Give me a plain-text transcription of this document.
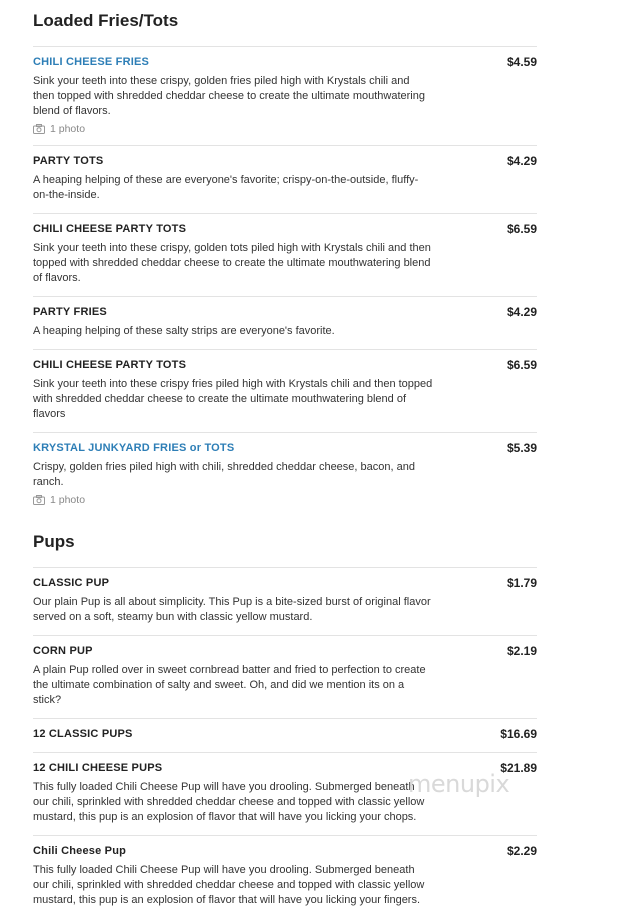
Loaded Fries/Tots
CHILI CHEESE FRIES	$4.59
Sink your teeth into these crispy, golden fries piled high with Krystals chili and then topped with shredded cheddar cheese to create the ultimate mouthwatering blend of flavors.
1 photo
PARTY TOTS	$4.29
A heaping helping of these are everyone's favorite; crispy-on-the-outside, fluffy-on-the-inside.
CHILI CHEESE PARTY TOTS	$6.59
Sink your teeth into these crispy, golden tots piled high with Krystals chili and then topped with shredded cheddar cheese to create the ultimate mouthwatering blend of flavors.
PARTY FRIES	$4.29
A heaping helping of these salty strips are everyone's favorite.
CHILI CHEESE PARTY TOTS	$6.59
Sink your teeth into these crispy fries piled high with Krystals chili and then topped with shredded cheddar cheese to create the ultimate mouthwatering blend of flavors
KRYSTAL JUNKYARD FRIES or TOTS	$5.39
Crispy, golden fries piled high with chili, shredded cheddar cheese, bacon, and ranch.
1 photo
Pups
CLASSIC PUP	$1.79
Our plain Pup is all about simplicity. This Pup is a bite-sized burst of original flavor served on a soft, steamy bun with classic yellow mustard.
CORN PUP	$2.19
A plain Pup rolled over in sweet cornbread batter and fried to perfection to create the ultimate combination of salty and sweet. Oh, and did we mention its on a stick?
12 CLASSIC PUPS	$16.69
12 CHILI CHEESE PUPS	$21.89
This fully loaded Chili Cheese Pup will have you drooling. Submerged beneath our chili, sprinkled with shredded cheddar cheese and topped with classic yellow mustard, this pup is an explosion of flavor that will have you licking your chops.
Chili Cheese Pup	$2.29
This fully loaded Chili Cheese Pup will have you drooling. Submerged beneath our chili, sprinkled with shredded cheddar cheese and topped with classic yellow mustard, this pup is an explosion of flavor that will have you licking your fingers.
menupix
